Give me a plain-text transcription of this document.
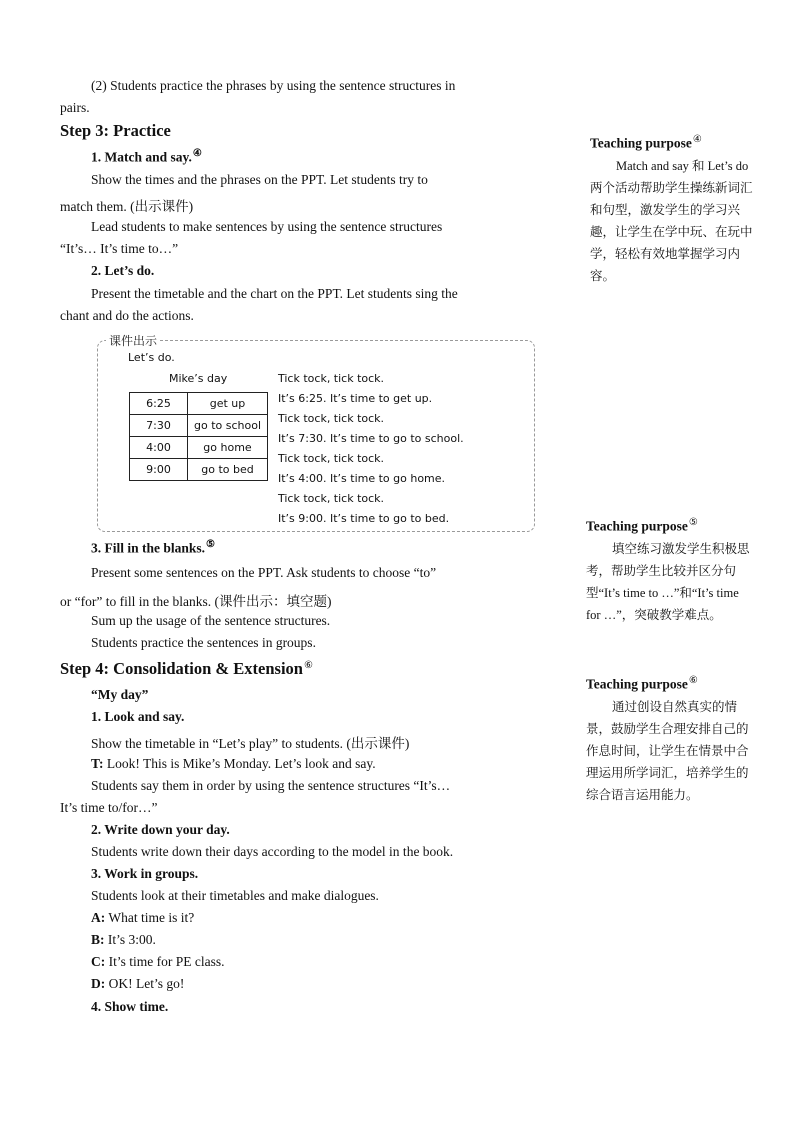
(2) Students practice the phrases by using the sentence structures in
pairs.
Step 3: Practice
1. Match and say.④
Show the times and the phrases on the PPT. Let students try to
match them. (出示课件)
Lead students to make sentences by using the sentence structures
“It’s… It’s time to…”
2. Let’s do.
Present the timetable and the chart on the PPT. Let students sing the
chant and do the actions.
课件出示
Let’s do.
Mike’s day
6:25	get up
7:30	go to school
4:00	go home
9:00	go to bed
Tick tock, tick tock.
It’s 6:25. It’s time to get up.
Tick tock, tick tock.
It’s 7:30. It’s time to go to school.
Tick tock, tick tock.
It’s 4:00. It’s time to go home.
Tick tock, tick tock.
It’s 9:00. It’s time to go to bed.
3. Fill in the blanks.⑤
Present some sentences on the PPT. Ask students to choose “to”
or “for” to fill in the blanks. (课件出示：填空题)
Sum up the usage of the sentence structures.
Students practice the sentences in groups.
Step 4: Consolidation & Extension⑥
“My day”
1. Look and say.
Show the timetable in “Let’s play” to students. (出示课件)
T: Look! This is Mike’s Monday. Let’s look and say.
Students say them in order by using the sentence structures “It’s…
It’s time to/for…”
2. Write down your day.
Students write down their days according to the model in the book.
3. Work in groups.
Students look at their timetables and make dialogues.
A: What time is it?
B: It’s 3:00.
C: It’s time for PE class.
D: OK! Let’s go!
4. Show time.
Teaching purpose④

Match and say 和 Let’s do 两个活动帮助学生操练新词汇和句型，激发学生的学习兴趣，让学生在学中玩、在玩中学，轻松有效地掌握学习内容。

Teaching purpose⑤

填空练习激发学生积极思考，帮助学生比较并区分句型“It’s time to …”和“It’s time for …”，突破教学难点。

Teaching purpose⑥

通过创设自然真实的情景，鼓励学生合理安排自己的作息时间，让学生在情景中合理运用所学词汇，培养学生的综合语言运用能力。
